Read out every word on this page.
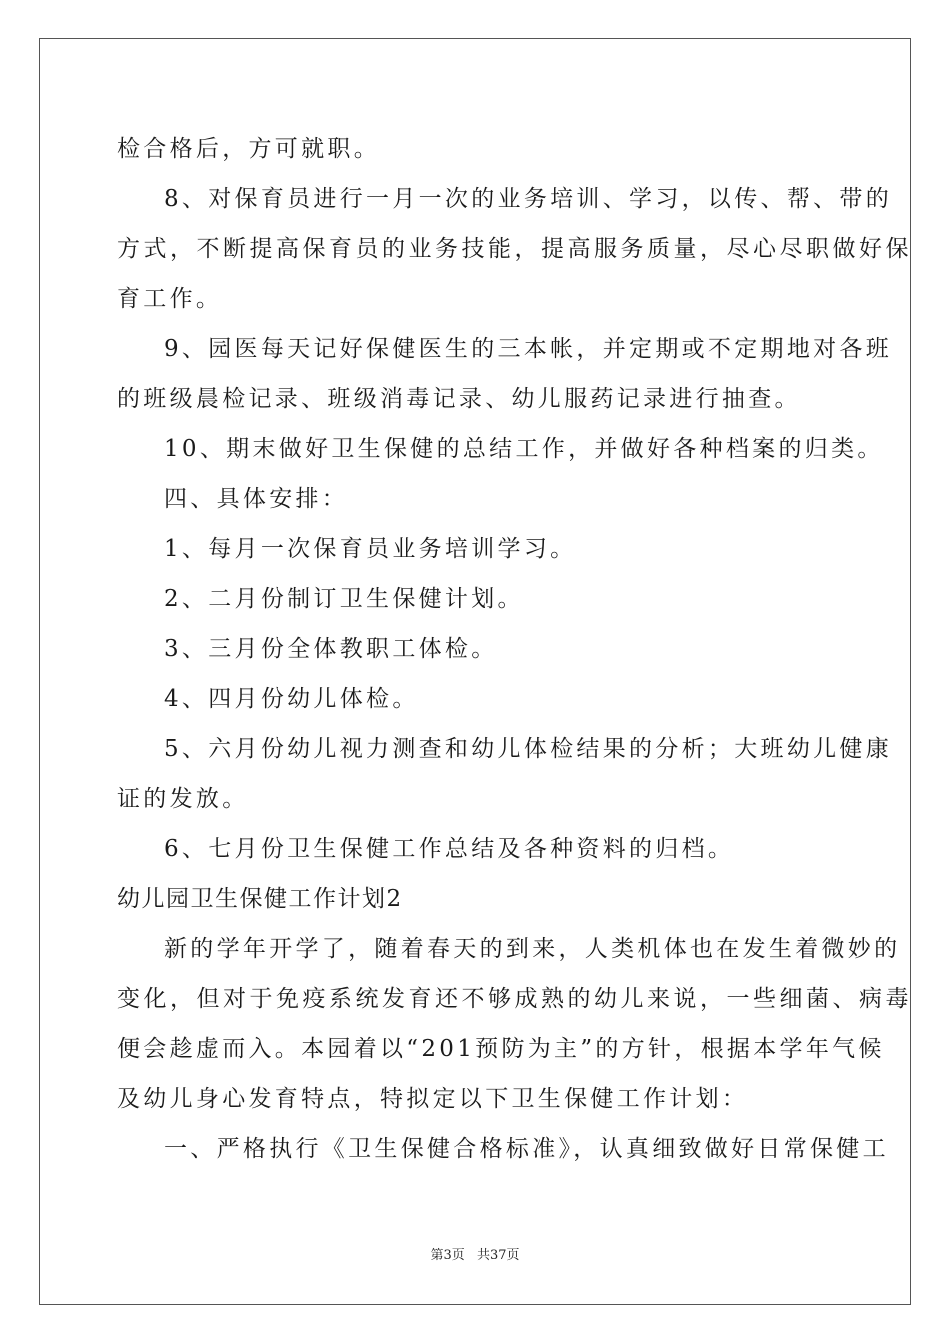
检合格后，方可就职。
8、对保育员进行一月一次的业务培训、学习，以传、帮、带的
方式，不断提高保育员的业务技能，提高服务质量，尽心尽职做好保
育工作。
9、园医每天记好保健医生的三本帐，并定期或不定期地对各班
的班级晨检记录、班级消毒记录、幼儿服药记录进行抽查。
10、期末做好卫生保健的总结工作，并做好各种档案的归类。
四、具体安排：
1、每月一次保育员业务培训学习。
2、二月份制订卫生保健计划。
3、三月份全体教职工体检。
4、四月份幼儿体检。
5、六月份幼儿视力测查和幼儿体检结果的分析；大班幼儿健康
证的发放。
6、七月份卫生保健工作总结及各种资料的归档。
幼儿园卫生保健工作计划2
新的学年开学了，随着春天的到来，人类机体也在发生着微妙的
变化，但对于免疫系统发育还不够成熟的幼儿来说，一些细菌、病毒
便会趁虚而入。本园着以“201预防为主”的方针，根据本学年气候
及幼儿身心发育特点，特拟定以下卫生保健工作计划：
一、严格执行《卫生保健合格标准》，认真细致做好日常保健工
第3页 共37页
